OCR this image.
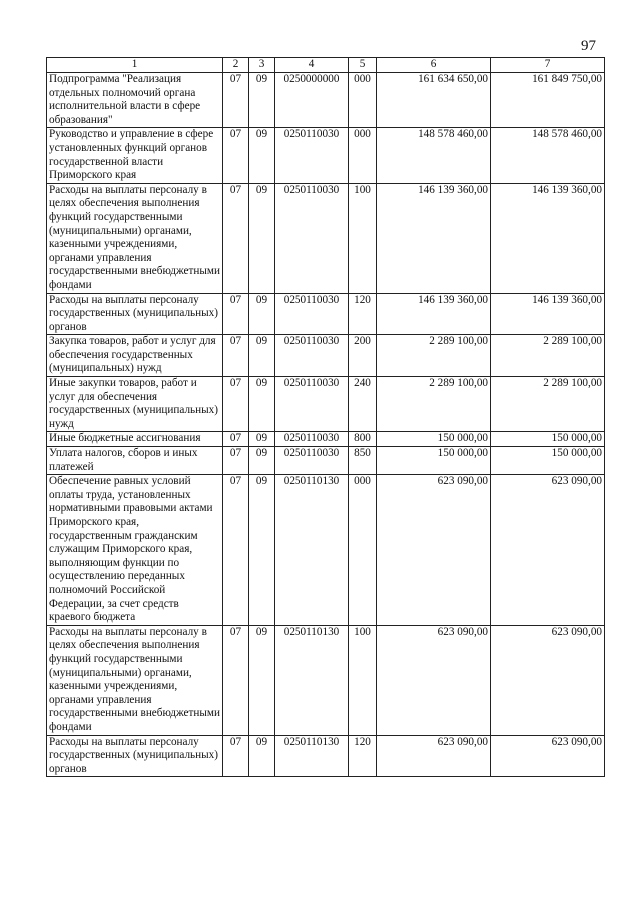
97
1	2	3	4	5	6	7
Подпрограмма "Реализация отдельных полномочий органа исполнительной власти в сфере образования"	07	09	0250000000	000	161 634 650,00	161 849 750,00
Руководство и управление в сфере установленных функций органов государственной власти Приморского края	07	09	0250110030	000	148 578 460,00	148 578 460,00
Расходы на выплаты персоналу в целях обеспечения выполнения функций государственными (муниципальными) органами, казенными учреждениями, органами управления государственными внебюджетными фондами	07	09	0250110030	100	146 139 360,00	146 139 360,00
Расходы на выплаты персоналу государственных (муниципальных) органов	07	09	0250110030	120	146 139 360,00	146 139 360,00
Закупка товаров, работ и услуг для обеспечения государственных (муниципальных) нужд	07	09	0250110030	200	2 289 100,00	2 289 100,00
Иные закупки товаров, работ и услуг для обеспечения государственных (муниципальных) нужд	07	09	0250110030	240	2 289 100,00	2 289 100,00
Иные бюджетные ассигнования	07	09	0250110030	800	150 000,00	150 000,00
Уплата налогов, сборов и иных платежей	07	09	0250110030	850	150 000,00	150 000,00
Обеспечение равных условий оплаты труда, установленных нормативными правовыми актами Приморского края, государственным гражданским служащим Приморского края, выполняющим функции по осуществлению переданных полномочий Российской Федерации, за счет средств краевого бюджета	07	09	0250110130	000	623 090,00	623 090,00
Расходы на выплаты персоналу в целях обеспечения выполнения функций государственными (муниципальными) органами, казенными учреждениями, органами управления государственными внебюджетными фондами	07	09	0250110130	100	623 090,00	623 090,00
Расходы на выплаты персоналу государственных (муниципальных) органов	07	09	0250110130	120	623 090,00	623 090,00
